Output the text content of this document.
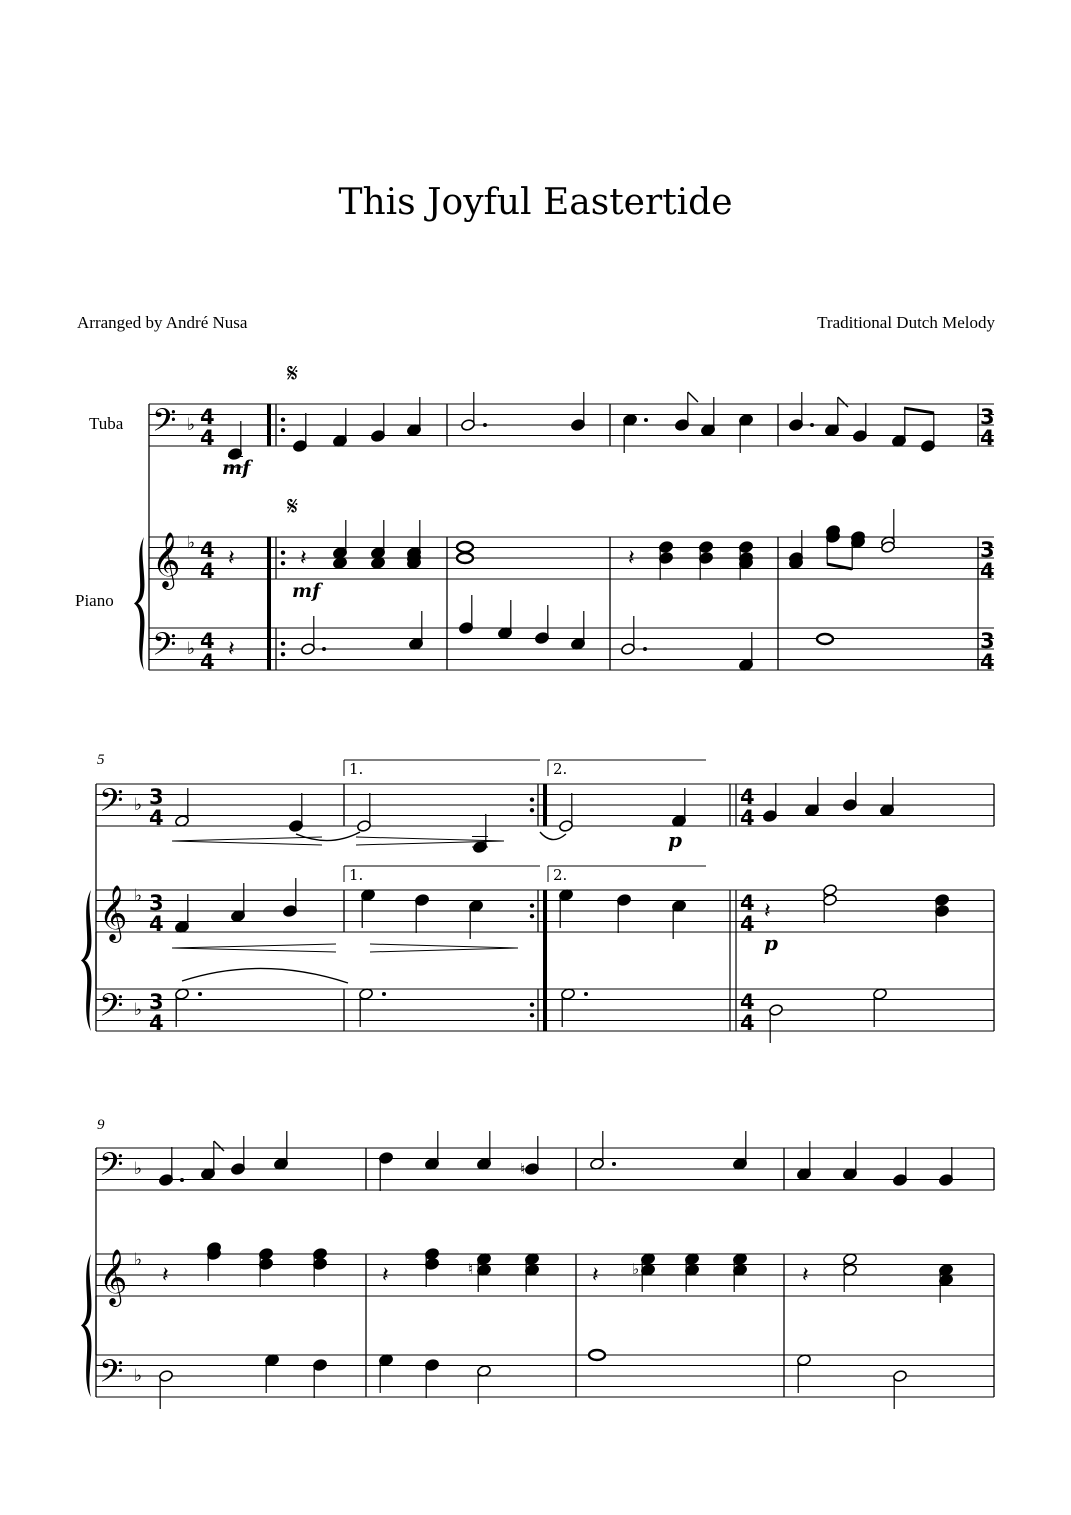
This Joyful Eastertide
Arranged by André Nusa	Traditional Dutch Melody
Tuba
Piano
5
9
𝄢
𝄞
𝄢
♭
♭
♭
4
4
4
4
4
4
mf
𝄽
𝄽
𝄋
𝄋
𝄽
mf
𝄽
3
4
3
4
3
4
𝄢
𝄞
𝄢
♭
♭
♭
3
4
3
4
3
4
1.	2.
p
4
4
4
4
4
4
1.	2.
𝄽
p
𝄢
𝄞
𝄢
♭
♭
♭
♮
𝄽	𝄽	♮	𝄽 ♭	𝄽
